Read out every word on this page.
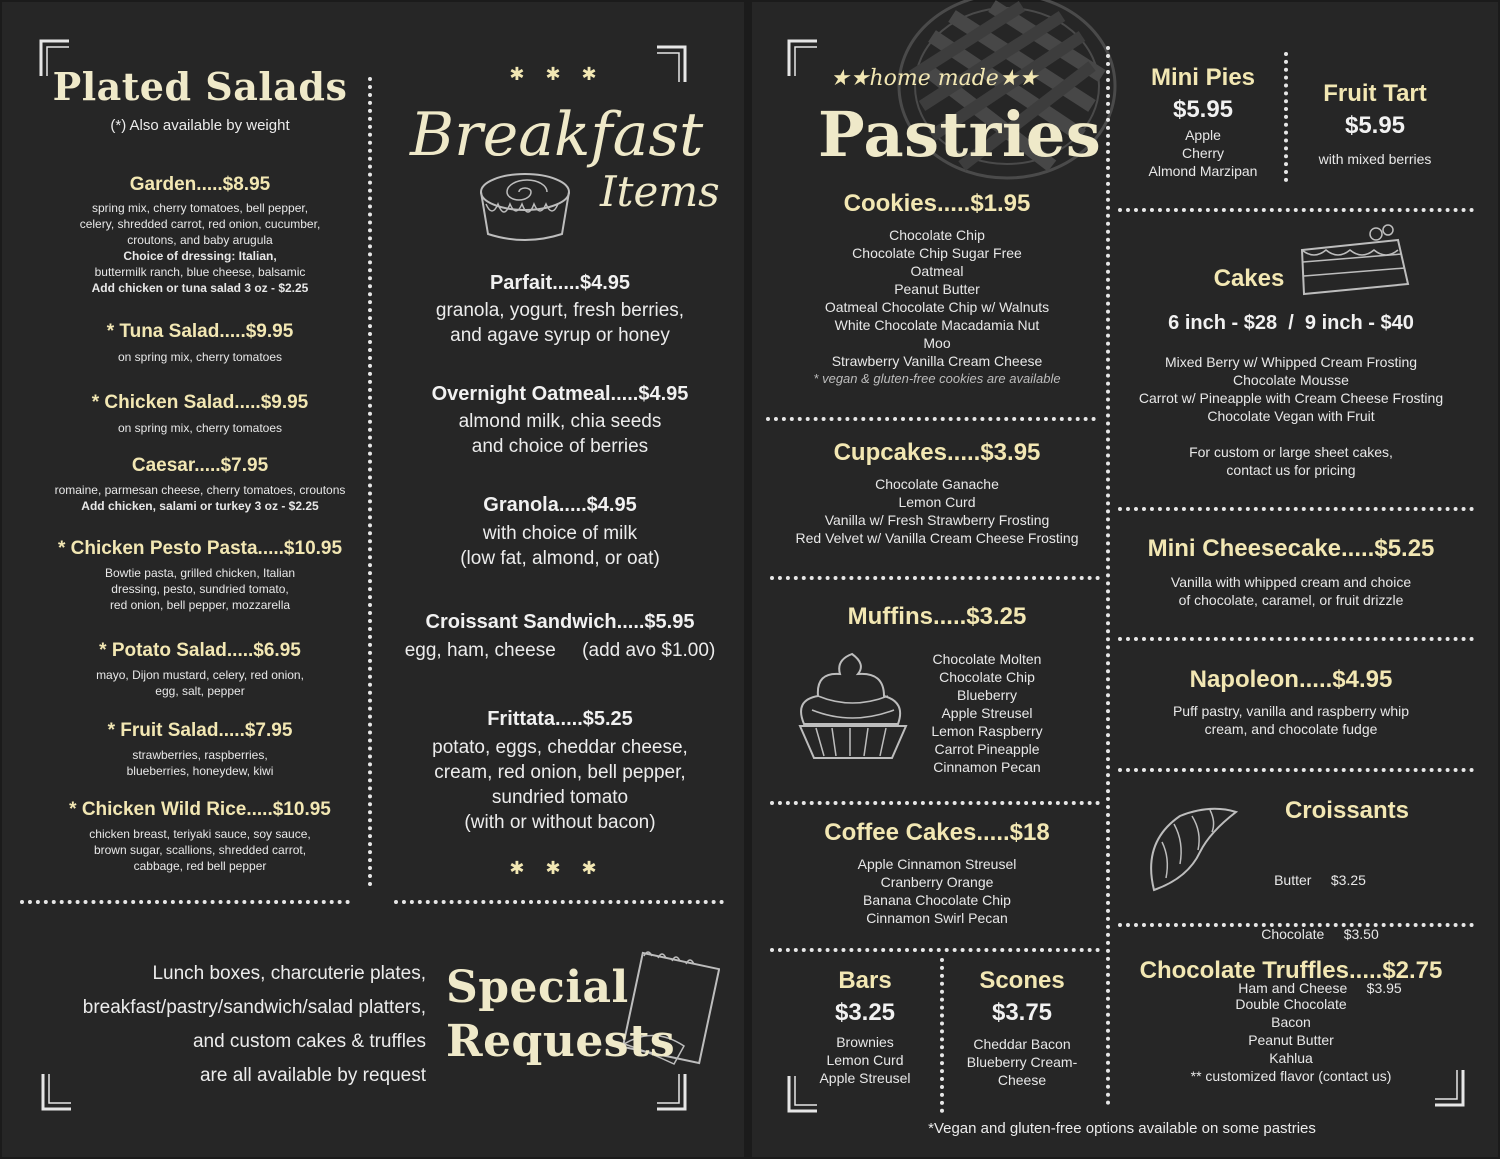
Plated Salads
(*) Also available by weight
Garden.....$8.95
spring mix, cherry tomatoes, bell pepper,
celery, shredded carrot, red onion, cucumber,
croutons, and baby arugula
Choice of dressing: Italian,
buttermilk ranch, blue cheese, balsamic
Add chicken or tuna salad 3 oz - $2.25
* Tuna Salad.....$9.95
on spring mix, cherry tomatoes
* Chicken Salad.....$9.95
on spring mix, cherry tomatoes
Caesar.....$7.95
romaine, parmesan cheese, cherry tomatoes, croutons
Add chicken, salami or turkey 3 oz - $2.25
* Chicken Pesto Pasta.....$10.95
Bowtie pasta, grilled chicken, Italian
dressing, pesto, sundried tomato,
red onion, bell pepper, mozzarella
* Potato Salad.....$6.95
mayo, Dijon mustard, celery, red onion,
egg, salt, pepper
* Fruit Salad.....$7.95
strawberries, raspberries,
blueberries, honeydew, kiwi
* Chicken Wild Rice.....$10.95
chicken breast, teriyaki sauce, soy sauce,
brown sugar, scallions, shredded carrot,
cabbage, red bell pepper
✱ ✱ ✱
Breakfast
Items
Parfait.....$4.95
granola, yogurt, fresh berries,
and agave syrup or honey
Overnight Oatmeal.....$4.95
almond milk, chia seeds
and choice of berries
Granola.....$4.95
with choice of milk
(low fat, almond, or oat)
Croissant Sandwich.....$5.95
egg, ham, cheese     (add avo $1.00)
Frittata.....$5.25
potato, eggs, cheddar cheese,
cream, red onion, bell pepper,
sundried tomato
(with or without bacon)
✱ ✱ ✱
Lunch boxes, charcuterie plates,
breakfast/pastry/sandwich/salad platters,
and custom cakes & truffles
are all available by request
Special
Requests
★★home made★★
Pastries
Cookies.....$1.95
Chocolate Chip
Chocolate Chip Sugar Free
Oatmeal
Peanut Butter
Oatmeal Chocolate Chip w/ Walnuts
White Chocolate Macadamia Nut
Moo
Strawberry Vanilla Cream Cheese
* vegan & gluten-free cookies are available
Cupcakes.....$3.95
Chocolate Ganache
Lemon Curd
Vanilla w/ Fresh Strawberry Frosting
Red Velvet w/ Vanilla Cream Cheese Frosting
Muffins.....$3.25
Chocolate Molten
Chocolate Chip
Blueberry
Apple Streusel
Lemon Raspberry
Carrot Pineapple
Cinnamon Pecan
Coffee Cakes.....$18
Apple Cinnamon Streusel
Cranberry Orange
Banana Chocolate Chip
Cinnamon Swirl Pecan
Bars
$3.25
Brownies
Lemon Curd
Apple Streusel
Scones
$3.75
Cheddar Bacon
Blueberry Cream-
Cheese
Mini Pies
$5.95
Apple
Cherry
Almond Marzipan
Fruit Tart
$5.95
with mixed berries
Cakes
6 inch - $28  /  9 inch - $40
Mixed Berry w/ Whipped Cream Frosting
Chocolate Mousse
Carrot w/ Pineapple with Cream Cheese Frosting
Chocolate Vegan with Fruit
For custom or large sheet cakes,
contact us for pricing
Mini Cheesecake.....$5.25
Vanilla with whipped cream and choice
of chocolate, caramel, or fruit drizzle
Napoleon.....$4.95
Puff pastry, vanilla and raspberry whip
cream, and chocolate fudge
Croissants

Butter     $3.25

Chocolate     $3.50

Ham and Cheese     $3.95

Chocolate Truffles.....$2.75
Double Chocolate
Bacon
Peanut Butter
Kahlua
** customized flavor (contact us)
*Vegan and gluten-free options available on some pastries
